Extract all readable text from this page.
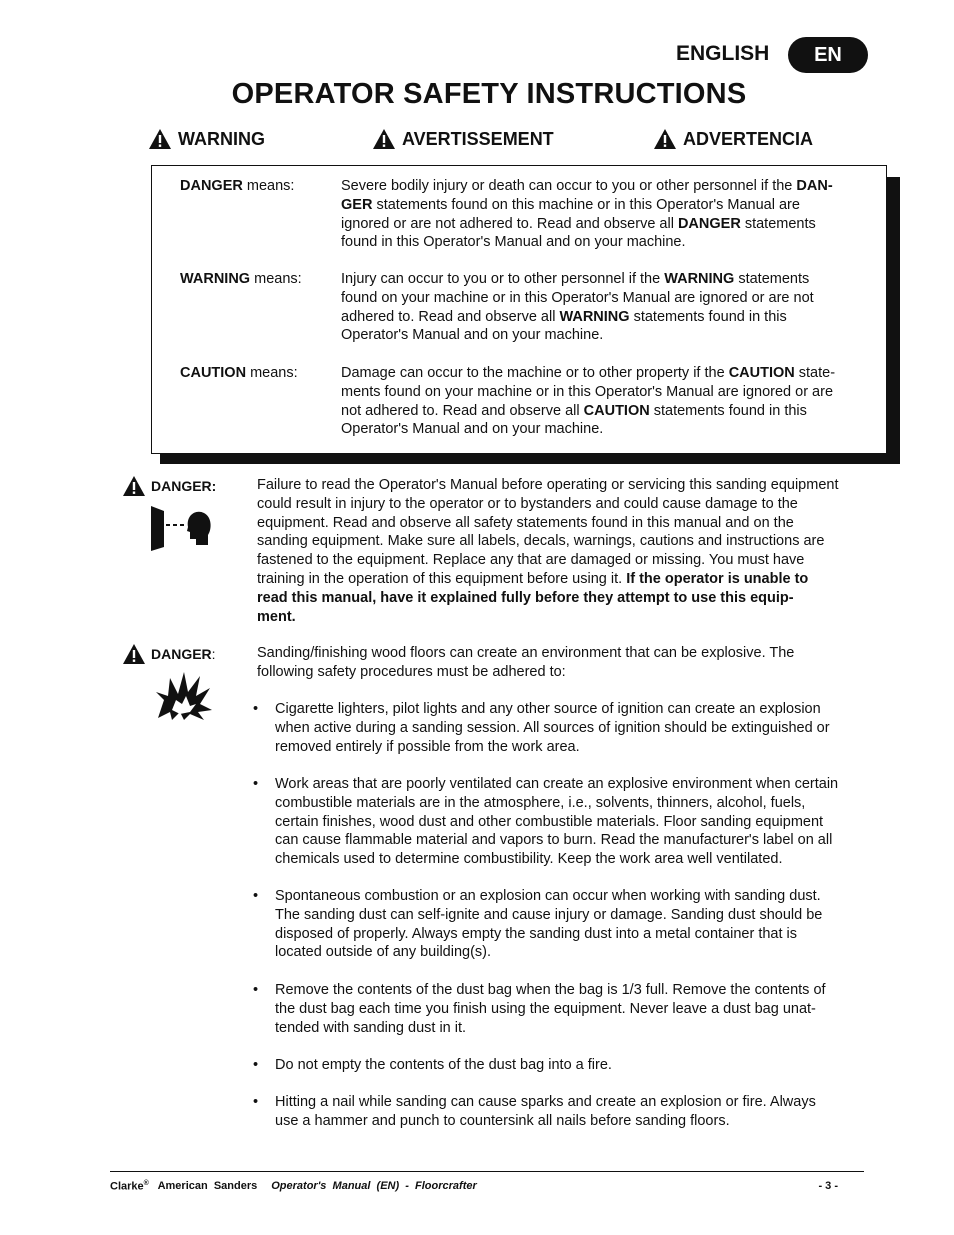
ENGLISH	EN
OPERATOR SAFETY INSTRUCTIONS
WARNING	AVERTISSEMENT	ADVERTENCIA
DANGER means:	Severe bodily injury or death can occur to you or other personnel if the DAN-
GER statements found on this machine or in this Operator's Manual are
ignored or are not adhered to. Read and observe all DANGER statements
found in this Operator's Manual and on your machine.
WARNING means:	Injury can occur to you or to other personnel if the WARNING statements
found on your machine or in this Operator's Manual are ignored or are not
adhered to. Read and observe all WARNING statements found in this
Operator's Manual and on your machine.
CAUTION means:	Damage can occur to the machine or to other property if the CAUTION state-
ments found on your machine or in this Operator's Manual are ignored or are
not adhered to. Read and observe all CAUTION statements found in this
Operator's Manual and on your machine.
DANGER:	Failure to read the Operator's Manual before operating or servicing this sanding equipment
could result in injury to the operator or to bystanders and could cause damage to the
equipment. Read and observe all safety statements found in this manual and on the
sanding equipment. Make sure all labels, decals, warnings, cautions and instructions are
fastened to the equipment. Replace any that are damaged or missing. You must have
training in the operation of this equipment before using it. If the operator is unable to
read this manual, have it explained fully before they attempt to use this equip-
ment.
DANGER:	Sanding/finishing wood floors can create an environment that can be explosive. The
following safety procedures must be adhered to:
• Cigarette lighters, pilot lights and any other source of ignition can create an explosion
when active during a sanding session. All sources of ignition should be extinguished or
removed entirely if possible from the work area.
• Work areas that are poorly ventilated can create an explosive environment when certain
combustible materials are in the atmosphere, i.e., solvents, thinners, alcohol, fuels,
certain finishes, wood dust and other combustible materials. Floor sanding equipment
can cause flammable material and vapors to burn. Read the manufacturer's label on all
chemicals used to determine combustibility. Keep the work area well ventilated.
• Spontaneous combustion or an explosion can occur when working with sanding dust.
The sanding dust can self-ignite and cause injury or damage. Sanding dust should be
disposed of properly. Always empty the sanding dust into a metal container that is
located outside of any building(s).
• Remove the contents of the dust bag when the bag is 1/3 full. Remove the contents of
the dust bag each time you finish using the equipment. Never leave a dust bag unat-
tended with sanding dust in it.
• Do not empty the contents of the dust bag into a fire.
• Hitting a nail while sanding can cause sparks and create an explosion or fire. Always
use a hammer and punch to countersink all nails before sanding floors.
Clarke® American  Sanders Operator's  Manual  (EN)  -  Floorcrafter	- 3 -
